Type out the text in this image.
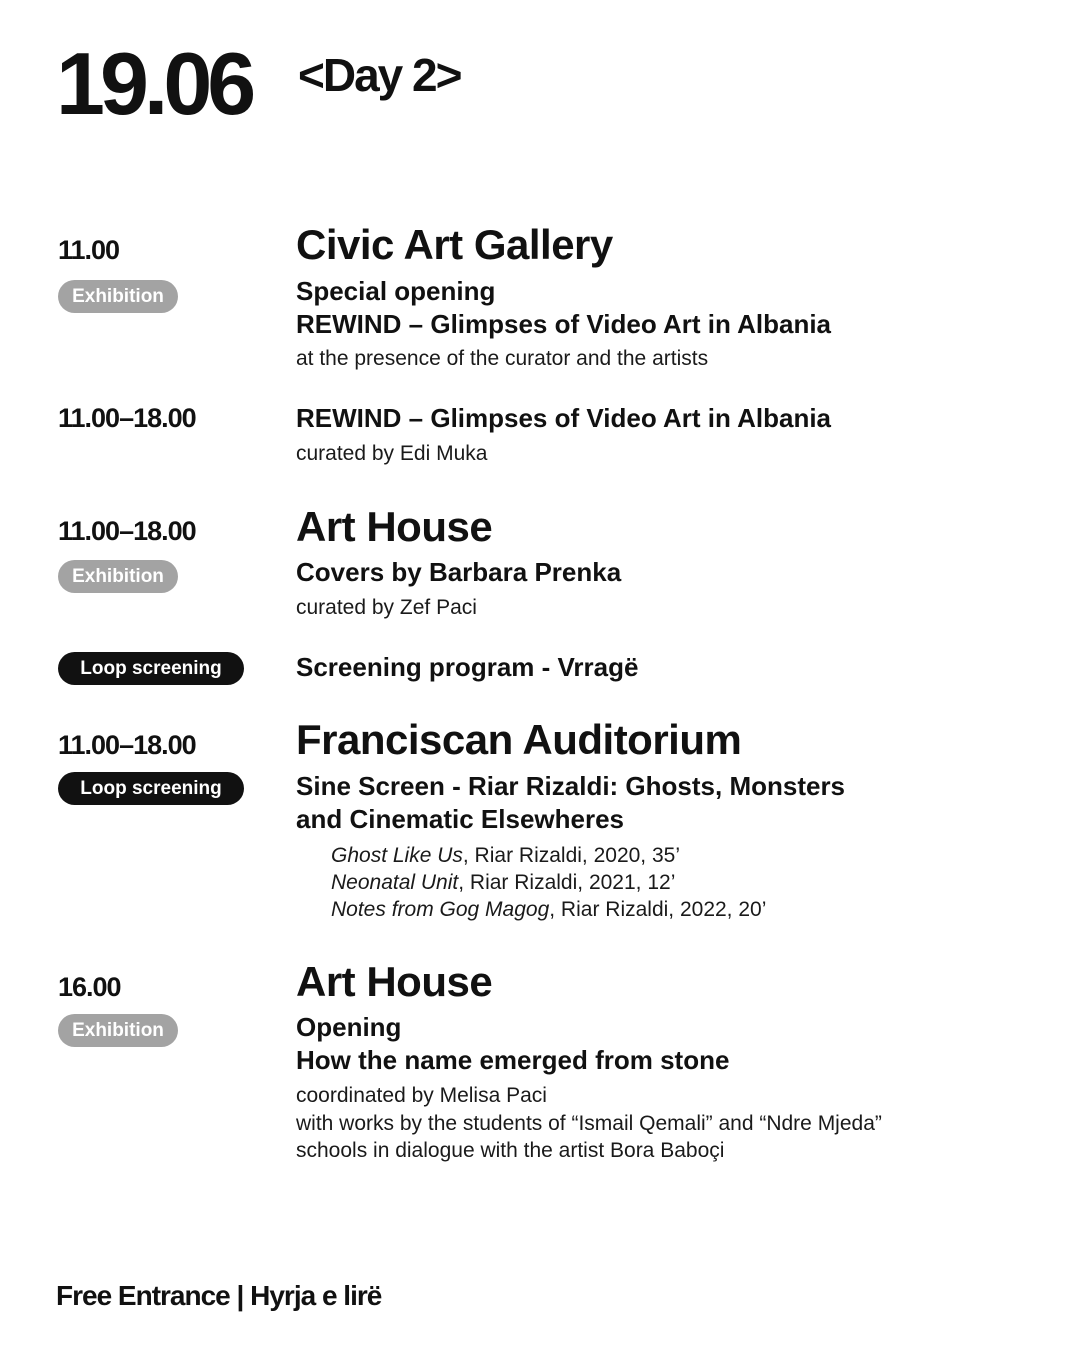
19.06 <Day 2>
11.00
Exhibition
Civic Art Gallery
Special opening
REWIND – Glimpses of Video Art in Albania
at the presence of the curator and the artists
11.00–18.00	REWIND – Glimpses of Video Art in Albania
curated by Edi Muka
11.00–18.00
Exhibition
Art House
Covers by Barbara Prenka
curated by Zef Paci
Loop screening	Screening program - Vrragë
11.00–18.00
Loop screening
Franciscan Auditorium
Sine Screen - Riar Rizaldi: Ghosts, Monsters
and Cinematic Elsewheres
Ghost Like Us, Riar Rizaldi, 2020, 35’
Neonatal Unit, Riar Rizaldi, 2021, 12’
Notes from Gog Magog, Riar Rizaldi, 2022, 20’
16.00
Exhibition
Art House
Opening
How the name emerged from stone
coordinated by Melisa Paci
with works by the students of “Ismail Qemali” and “Ndre Mjeda”
schools in dialogue with the artist Bora Baboçi
Free Entrance | Hyrja e lirë
